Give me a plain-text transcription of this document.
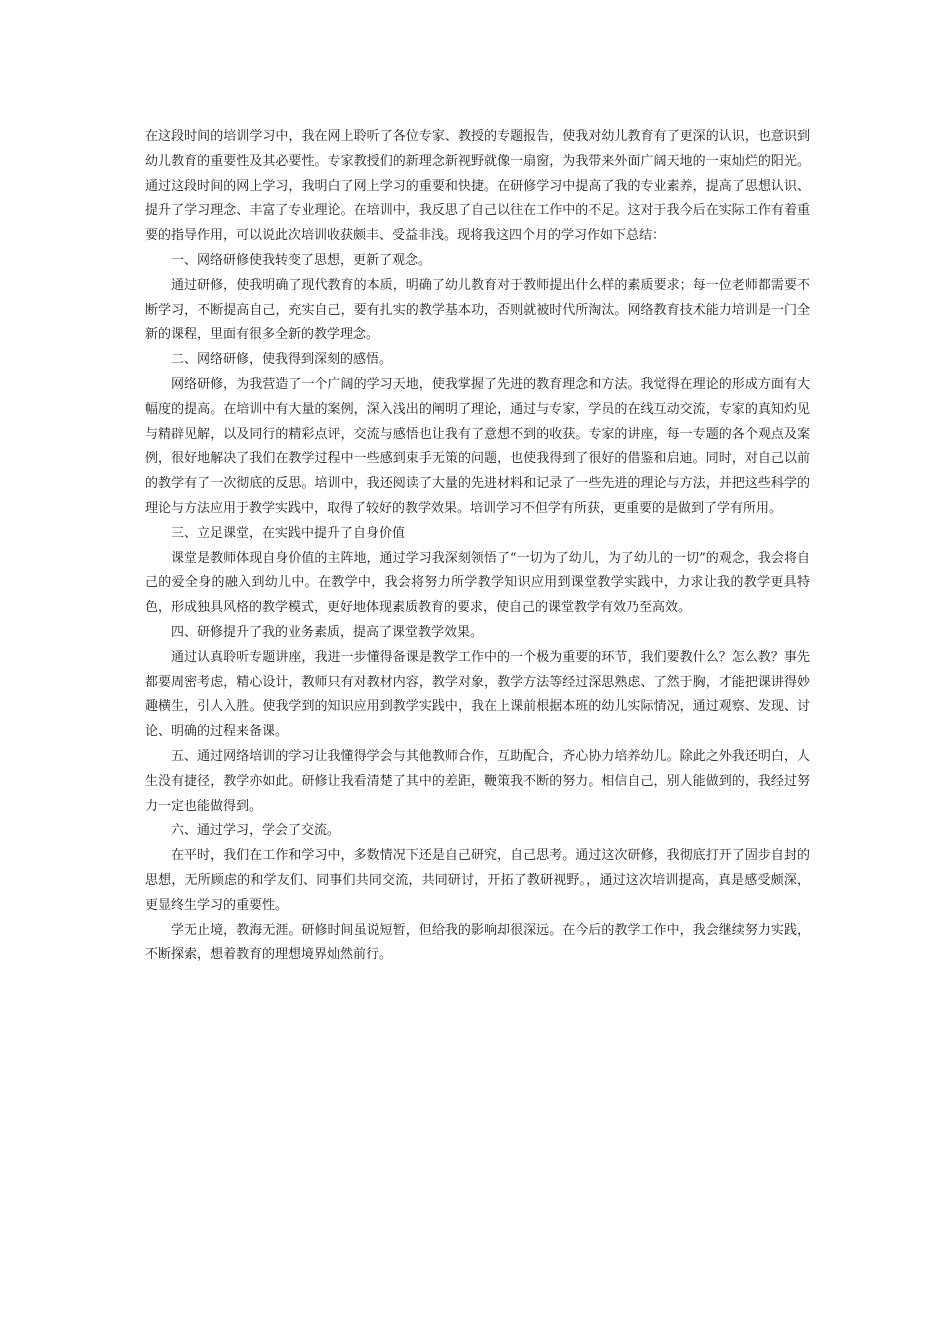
在这段时间的培训学习中，我在网上聆听了各位专家、教授的专题报告，使我对幼儿教育有了更深的认识，也意识到幼儿教育的重要性及其必要性。专家教授们的新理念新视野就像一扇窗，为我带来外面广阔天地的一束灿烂的阳光。通过这段时间的网上学习，我明白了网上学习的重要和快捷。在研修学习中提高了我的专业素养，提高了思想认识、提升了学习理念、丰富了专业理论。在培训中，我反思了自己以往在工作中的不足。这对于我今后在实际工作有着重要的指导作用，可以说此次培训收获颇丰、受益非浅。现将我这四个月的学习作如下总结：

一、网络研修使我转变了思想，更新了观念。

通过研修，使我明确了现代教育的本质，明确了幼儿教育对于教师提出什么样的素质要求；每一位老师都需要不断学习，不断提高自己，充实自己，要有扎实的教学基本功，否则就被时代所淘汰。网络教育技术能力培训是一门全新的课程，里面有很多全新的教学理念。

二、网络研修，使我得到深刻的感悟。

网络研修，为我营造了一个广阔的学习天地，使我掌握了先进的教育理念和方法。我觉得在理论的形成方面有大幅度的提高。在培训中有大量的案例，深入浅出的阐明了理论，通过与专家，学员的在线互动交流，专家的真知灼见与精辟见解，以及同行的精彩点评，交流与感悟也让我有了意想不到的收获。专家的讲座，每一专题的各个观点及案例，很好地解决了我们在教学过程中一些感到束手无策的问题，也使我得到了很好的借鉴和启迪。同时，对自己以前的教学有了一次彻底的反思。培训中，我还阅读了大量的先进材料和记录了一些先进的理论与方法，并把这些科学的理论与方法应用于教学实践中，取得了较好的教学效果。培训学习不但学有所获，更重要的是做到了学有所用。

三、立足课堂，在实践中提升了自身价值

课堂是教师体现自身价值的主阵地，通过学习我深刻领悟了“一切为了幼儿，为了幼儿的一切”的观念，我会将自己的爱全身的融入到幼儿中。在教学中，我会将努力所学教学知识应用到课堂教学实践中，力求让我的教学更具特色，形成独具风格的教学模式，更好地体现素质教育的要求，使自己的课堂教学有效乃至高效。

四、研修提升了我的业务素质，提高了课堂教学效果。

通过认真聆听专题讲座，我进一步懂得备课是教学工作中的一个极为重要的环节，我们要教什么？怎么教？事先都要周密考虑，精心设计，教师只有对教材内容，教学对象，教学方法等经过深思熟虑、了然于胸，才能把课讲得妙趣横生，引人入胜。使我学到的知识应用到教学实践中，我在上课前根据本班的幼儿实际情况，通过观察、发现、讨论、明确的过程来备课。

五、通过网络培训的学习让我懂得学会与其他教师合作，互助配合，齐心协力培养幼儿。除此之外我还明白，人生没有捷径，教学亦如此。研修让我看清楚了其中的差距，鞭策我不断的努力。相信自己，别人能做到的，我经过努力一定也能做得到。

六、通过学习，学会了交流。

在平时，我们在工作和学习中，多数情况下还是自己研究，自己思考。通过这次研修，我彻底打开了固步自封的思想，无所顾虑的和学友们、同事们共同交流，共同研讨，开拓了教研视野。，通过这次培训提高，真是感受颇深，更显终生学习的重要性。

学无止境，教海无涯。研修时间虽说短暂，但给我的影响却很深远。在今后的教学工作中，我会继续努力实践，不断探索，想着教育的理想境界灿然前行。
